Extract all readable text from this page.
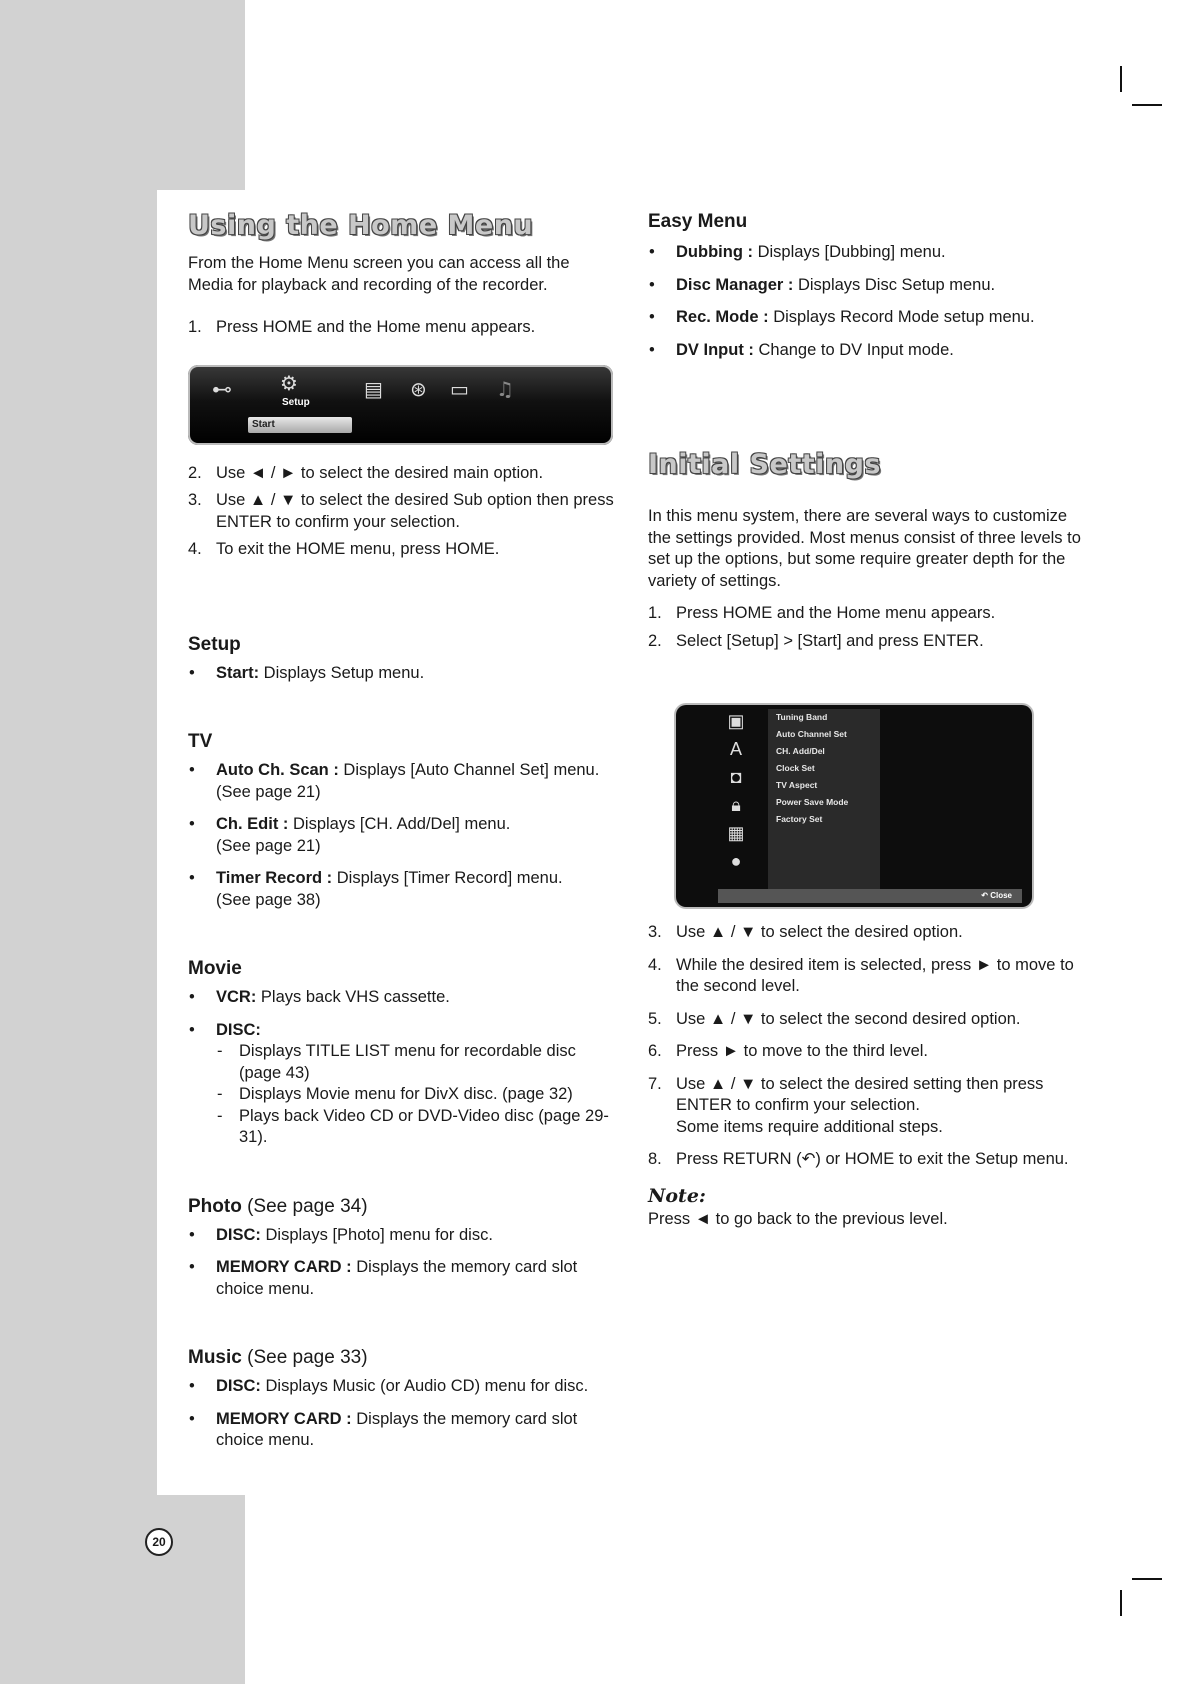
Using the Home Menu

From the Home Menu screen you can access all the Media for playback and recording of the recorder.

1. Press HOME and the Home menu appears.
⊷ ⚙
Setup
▤ ⊛ ▭ ♫
Start
2. Use ◄ / ► to select the desired main option.
3. Use ▲ / ▼ to select the desired Sub option then press ENTER to confirm your selection.
4. To exit the HOME menu, press HOME.
Setup
• Start: Displays Setup menu.
TV
• Auto Ch. Scan : Displays [Auto Channel Set] menu. (See page 21)
• Ch. Edit : Displays [CH. Add/Del] menu.
(See page 21)
• Timer Record : Displays [Timer Record] menu.
(See page 38)
Movie
• VCR: Plays back VHS cassette.
• DISC:
- Displays TITLE LIST menu for recordable disc (page 43)
- Displays Movie menu for DivX disc. (page 32)
- Plays back Video CD or DVD-Video disc (page 29-31).
Photo (See page 34)
• DISC: Displays [Photo] menu for disc.
• MEMORY CARD : Displays the memory card slot choice menu.
Music (See page 33)
• DISC: Displays Music (or Audio CD) menu for disc.
• MEMORY CARD : Displays the memory card slot choice menu.
Easy Menu
• Dubbing : Displays [Dubbing] menu.
• Disc Manager : Displays Disc Setup menu.
• Rec. Mode : Displays Record Mode setup menu.
• DV Input : Change to DV Input mode.
Initial Settings

In this menu system, there are several ways to customize the settings provided. Most menus consist of three levels to set up the options, but some require greater depth for the variety of settings.

1. Press HOME and the Home menu appears.
2. Select [Setup] > [Start] and press ENTER.
3. Use ▲ / ▼ to select the desired option.
4. While the desired item is selected, press ► to move to the second level.
5. Use ▲ / ▼ to select the second desired option.
6. Press ► to move to the third level.
7. Use ▲ / ▼ to select the desired setting then press ENTER to confirm your selection.
Some items require additional steps.
8. Press RETURN (↶) or HOME to exit the Setup menu.
Note:

Press ◄ to go back to the previous level.

▣
A
◘
🔒︎
▦
●
Tuning Band
Auto Channel Set
CH. Add/Del
Clock Set
TV Aspect
Power Save Mode
Factory Set
↶ Close
20
